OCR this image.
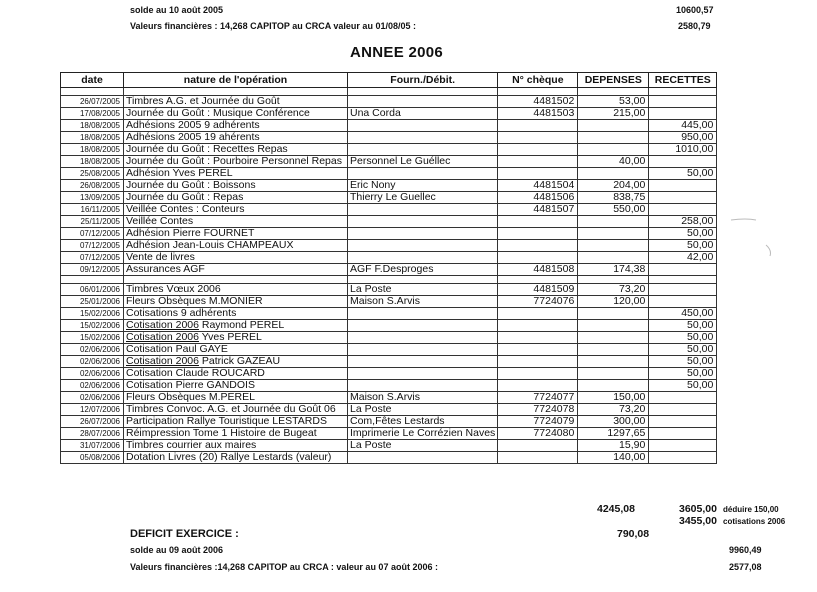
solde au 10 août 2005	10600,57
Valeurs financières : 14,268 CAPITOP au CRCA valeur au 01/08/05 :	2580,79
ANNEE 2006
date	nature de l'opération	Fourn./Débit.	N° chèque	DEPENSES	RECETTES

26/07/2005	Timbres A.G. et Journée du Goût		4481502	53,00	
17/08/2005	Journée du Goût : Musique Conférence	Una Corda	4481503	215,00	
18/08/2005	Adhésions 2005 9 adhérents				445,00
18/08/2005	Adhésions 2005 19 ahérents				950,00
18/08/2005	Journée du Goût : Recettes Repas				1010,00
18/08/2005	Journée du Goût : Pourboire Personnel Repas	Personnel Le Guéllec		40,00	
25/08/2005	Adhésion Yves PEREL				50,00
26/08/2005	Journée du Goût : Boissons	Eric Nony	4481504	204,00	
13/09/2005	Journée du Goût : Repas	Thierry Le Guellec	4481506	838,75	
16/11/2005	Veillée Contes : Conteurs		4481507	550,00	
25/11/2005	Veillée Contes				258,00
07/12/2005	Adhésion Pierre FOURNET				50,00
07/12/2005	Adhésion Jean-Louis CHAMPEAUX				50,00
07/12/2005	Vente de livres				42,00
09/12/2005	Assurances AGF	AGF F.Desproges	4481508	174,38	

06/01/2006	Timbres Vœux 2006	La Poste	4481509	73,20	
25/01/2006	Fleurs Obsèques M.MONIER	Maison S.Arvis	7724076	120,00	
15/02/2006	Cotisations 9 adhérents				450,00
15/02/2006	Cotisation 2006 Raymond PEREL				50,00
15/02/2006	Cotisation 2006 Yves PEREL				50,00
02/06/2006	Cotisation Paul GAYE				50,00
02/06/2006	Cotisation 2006 Patrick GAZEAU				50,00
02/06/2006	Cotisation Claude ROUCARD				50,00
02/06/2006	Cotisation Pierre GANDOIS				50,00
02/06/2006	Fleurs Obsèques M.PEREL	Maison S.Arvis	7724077	150,00	
12/07/2006	Timbres Convoc. A.G. et Journée du Goût 06	La Poste	7724078	73,20	
26/07/2006	Participation Rallye Touristique LESTARDS	Com,Fêtes Lestards	7724079	300,00	
28/07/2006	Réimpression Tome 1 Histoire de Bugeat	Imprimerie Le Corrézien Naves	7724080	1297,65	
31/07/2006	Timbres courrier aux maires	La Poste		15,90	
05/08/2006	Dotation Livres (20) Rallye Lestards (valeur)			140,00	
4245,08	3605,00 déduire 150,00
3455,00 cotisations 2006
DEFICIT EXERCICE :	790,08
solde au 09 août 2006	9960,49
Valeurs financières :14,268 CAPITOP au CRCA : valeur au 07 août 2006 :	2577,08
